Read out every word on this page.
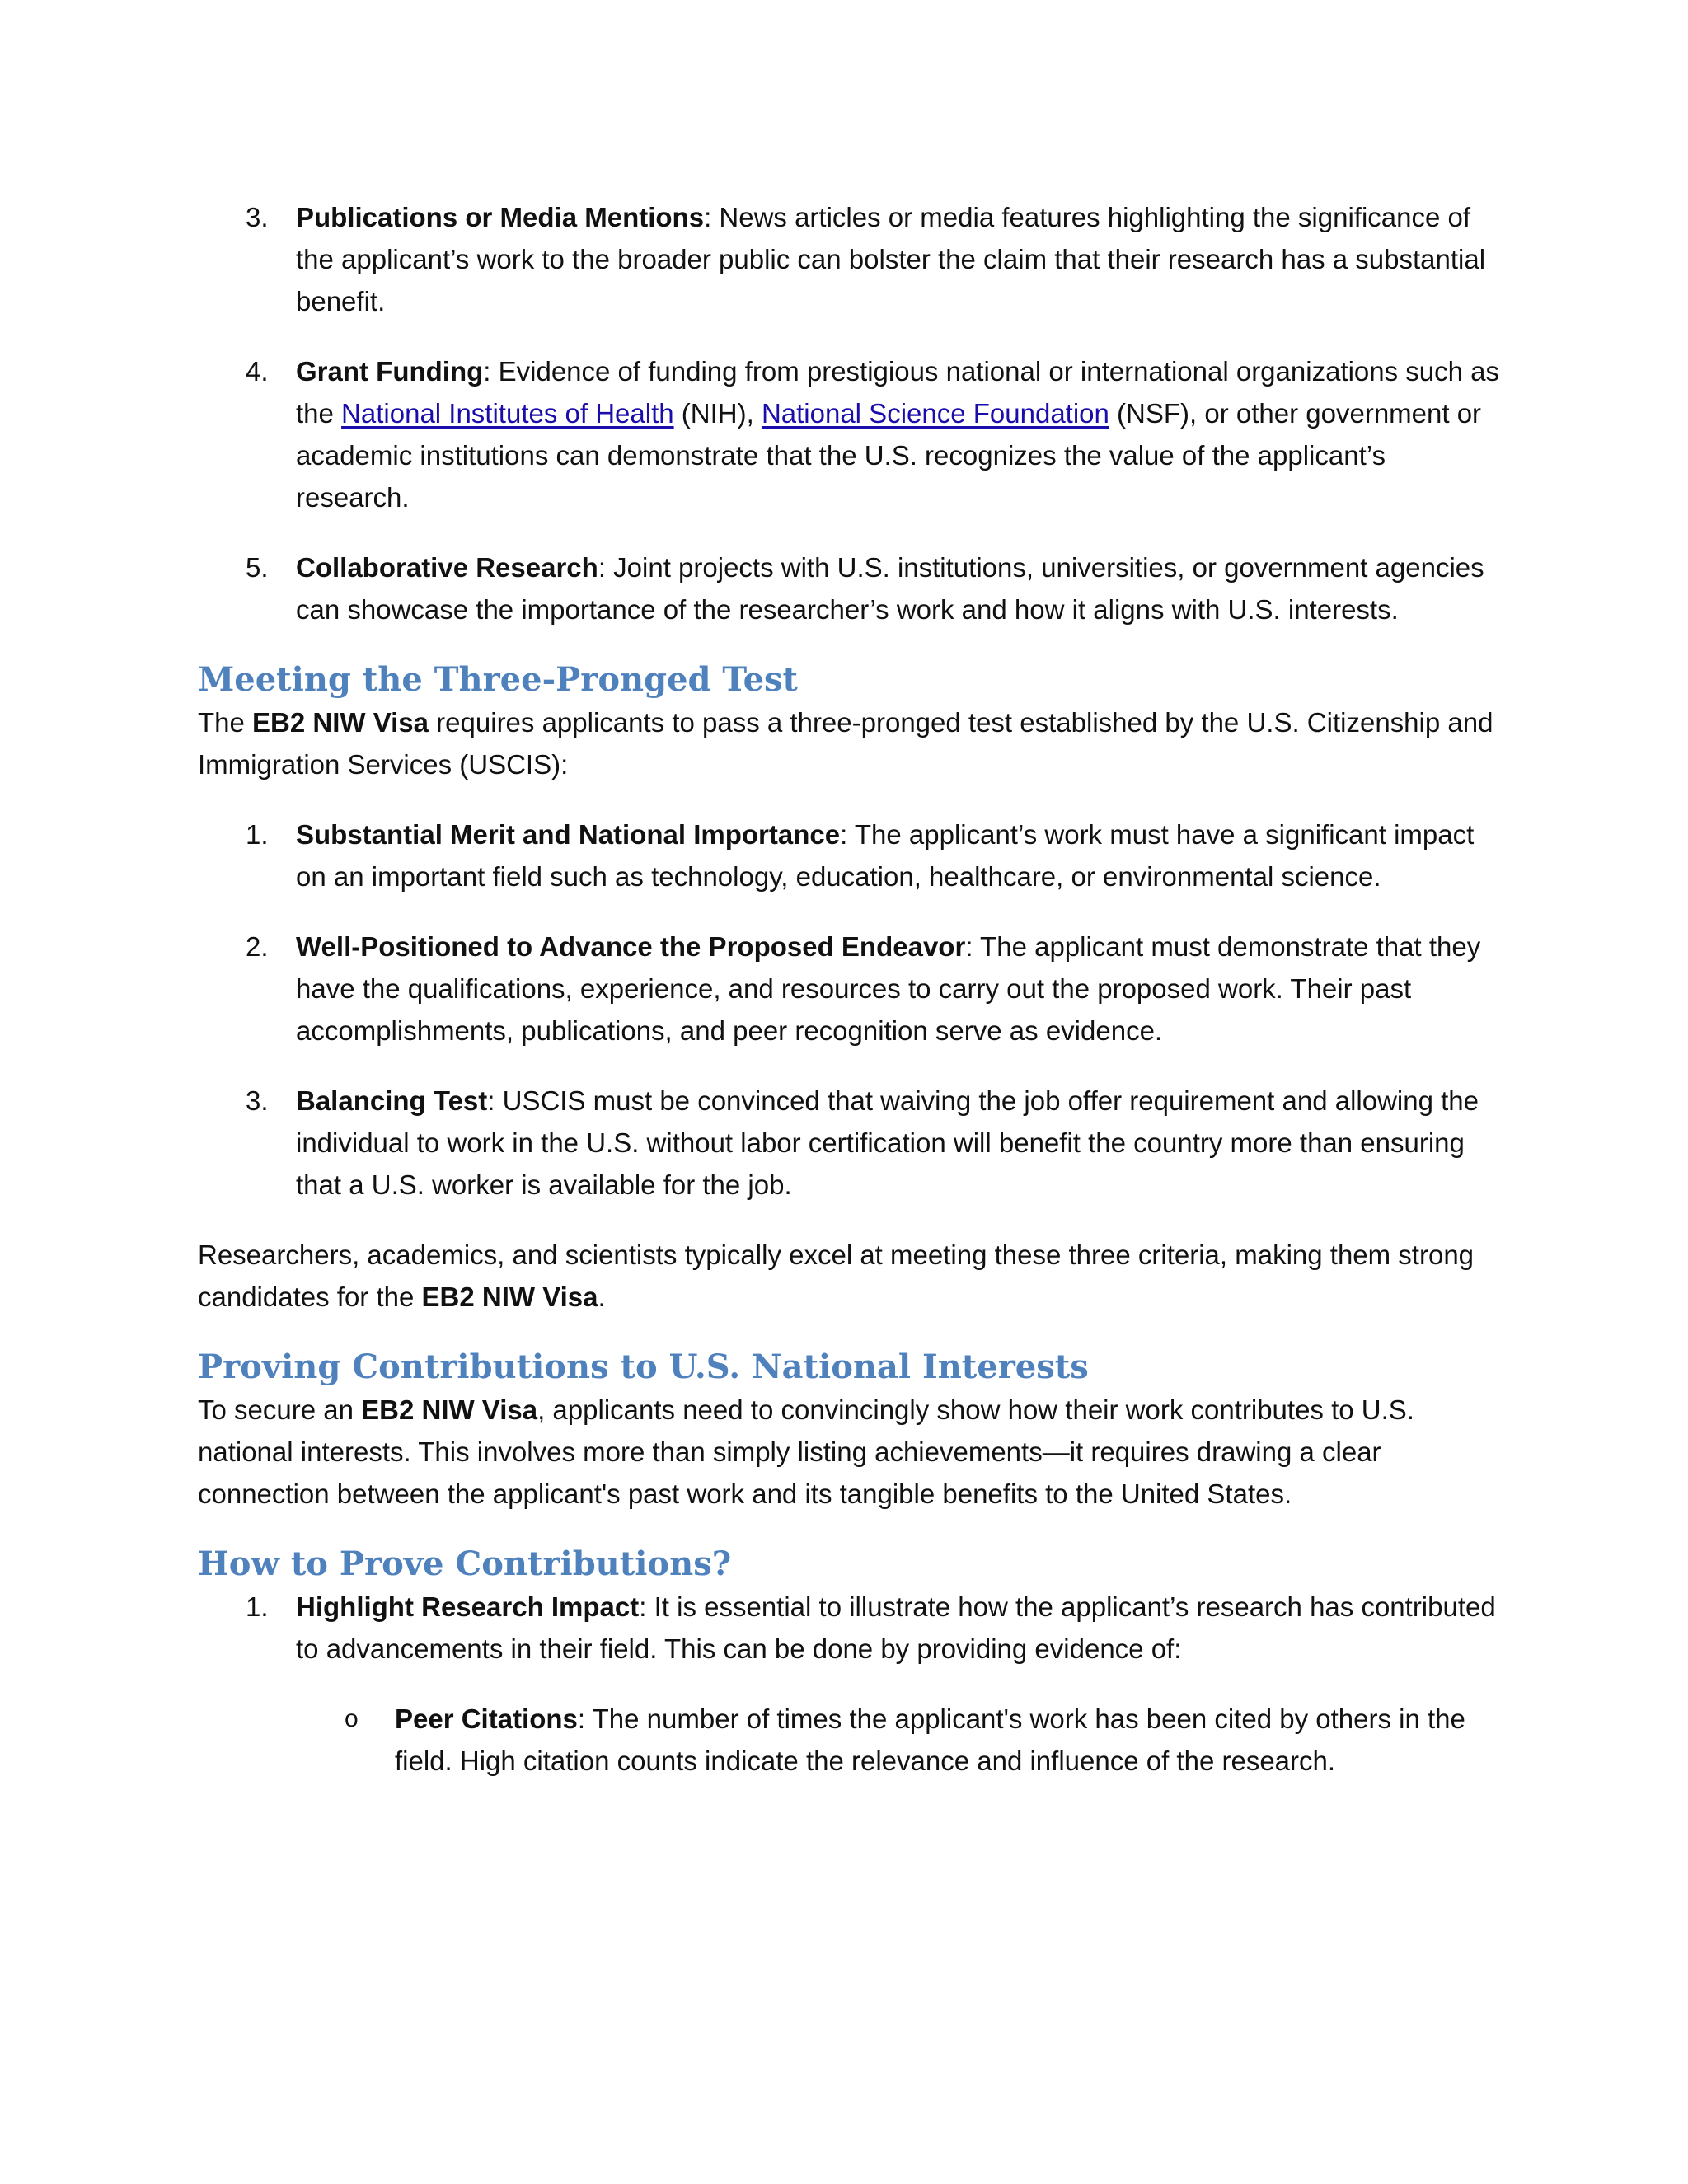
3.	Publications or Media Mentions: News articles or media features highlighting the significance of the applicant’s work to the broader public can bolster the claim that their research has a substantial benefit.
4.	Grant Funding: Evidence of funding from prestigious national or international organizations such as the National Institutes of Health (NIH), National Science Foundation (NSF), or other government or academic institutions can demonstrate that the U.S. recognizes the value of the applicant’s research.
5.	Collaborative Research: Joint projects with U.S. institutions, universities, or government agencies can showcase the importance of the researcher’s work and how it aligns with U.S. interests.
Meeting the Three-Pronged Test

The EB2 NIW Visa requires applicants to pass a three-pronged test established by the U.S. Citizenship and Immigration Services (USCIS):

1.	Substantial Merit and National Importance: The applicant’s work must have a significant impact on an important field such as technology, education, healthcare, or environmental science.
2.	Well-Positioned to Advance the Proposed Endeavor: The applicant must demonstrate that they have the qualifications, experience, and resources to carry out the proposed work. Their past accomplishments, publications, and peer recognition serve as evidence.
3.	Balancing Test: USCIS must be convinced that waiving the job offer requirement and allowing the individual to work in the U.S. without labor certification will benefit the country more than ensuring that a U.S. worker is available for the job.

Researchers, academics, and scientists typically excel at meeting these three criteria, making them strong candidates for the EB2 NIW Visa.

Proving Contributions to U.S. National Interests

To secure an EB2 NIW Visa, applicants need to convincingly show how their work contributes to U.S. national interests. This involves more than simply listing achievements—it requires drawing a clear connection between the applicant's past work and its tangible benefits to the United States.

How to Prove Contributions?
1.	Highlight Research Impact: It is essential to illustrate how the applicant’s research has contributed to advancements in their field. This can be done by providing evidence of:
o Peer Citations: The number of times the applicant's work has been cited by others in the field. High citation counts indicate the relevance and influence of the research.
